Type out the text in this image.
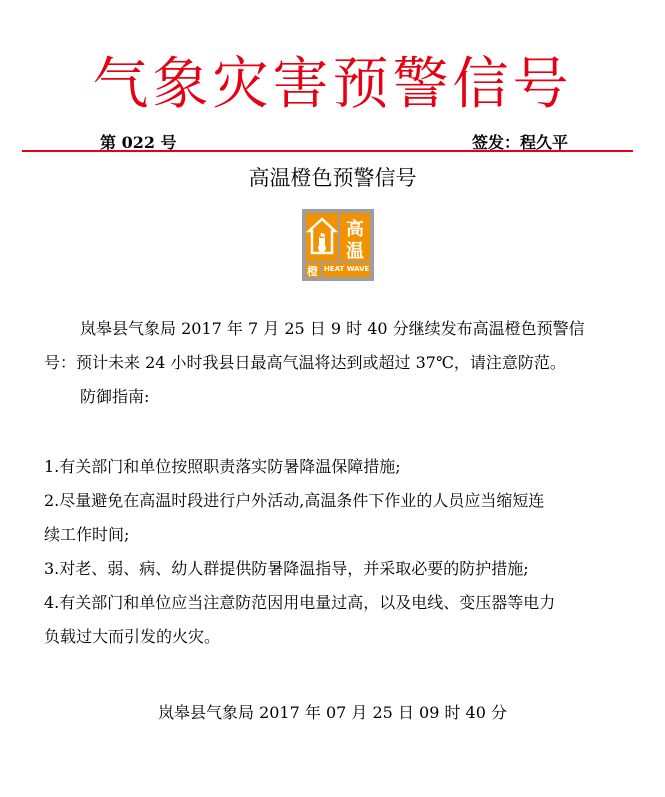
气象灾害预警信号
第 022 号	签发：程久平
高温橙色预警信号
℃ 高
温
橙 HEAT WAVE
岚皋县气象局 2017 年 7 月 25 日 9 时 40 分继续发布高温橙色预警信
号：预计未来 24 小时我县日最高气温将达到或超过 37℃，请注意防范。
防御指南:
1.有关部门和单位按照职责落实防暑降温保障措施;
2.尽量避免在高温时段进行户外活动,高温条件下作业的人员应当缩短连
续工作时间;
3.对老、弱、病、幼人群提供防暑降温指导，并采取必要的防护措施;
4.有关部门和单位应当注意防范因用电量过高，以及电线、变压器等电力
负载过大而引发的火灾。
岚皋县气象局 2017 年 07 月 25 日 09 时 40 分
